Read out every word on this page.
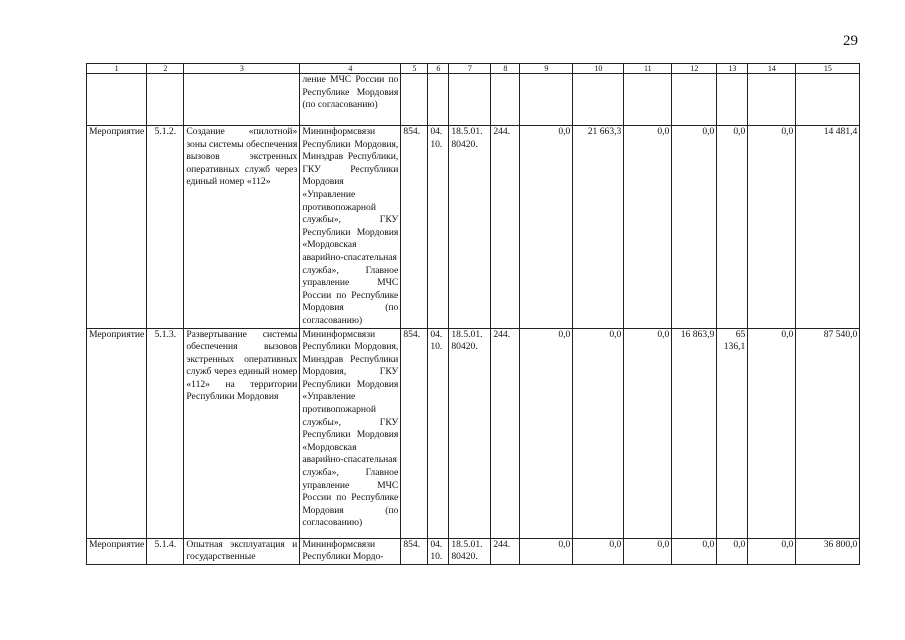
29
1	2	3	4	5	6	7	8	9	10	11	12	13	14	15
			ление МЧС России по Республике Мордовия (по согласованию)											
Мероприятие	5.1.2.	Создание «пилотной» зоны системы обеспечения вызовов экстренных оперативных служб через единый номер «112»	Мининформсвязи Республики Мордовия, Минздрав Республики, ГКУ Республики Мордовия «Управление противопожарной службы», ГКУ Республики Мордовия «Мордовская аварийно-спасательная служба», Главное управление МЧС России по Республике Мордовия (по согласованию)	854.	04. 10.	18.5.01. 80420.	244.	0,0	21 663,3	0,0	0,0	0,0	0,0	14 481,4
Мероприятие	5.1.3.	Развертывание системы обеспечения вызовов экстренных оперативных служб через единый номер «112» на территории Республики Мордовия	Мининформсвязи Республики Мордовия, Минздрав Республики Мордовия, ГКУ Республики Мордовия «Управление противопожарной службы», ГКУ Республики Мордовия «Мордовская аварийно-спасательная служба», Главное управление МЧС России по Республике Мордовия (по согласованию)	854.	04. 10.	18.5.01. 80420.	244.	0,0	0,0	0,0	16 863,9	65 136,1	0,0	87 540,0
Мероприятие	5.1.4.	Опытная эксплуатация и государственные	Мининформсвязи Республики Мордо-	854.	04. 10.	18.5.01. 80420.	244.	0,0	0,0	0,0	0,0	0,0	0,0	36 800,0
